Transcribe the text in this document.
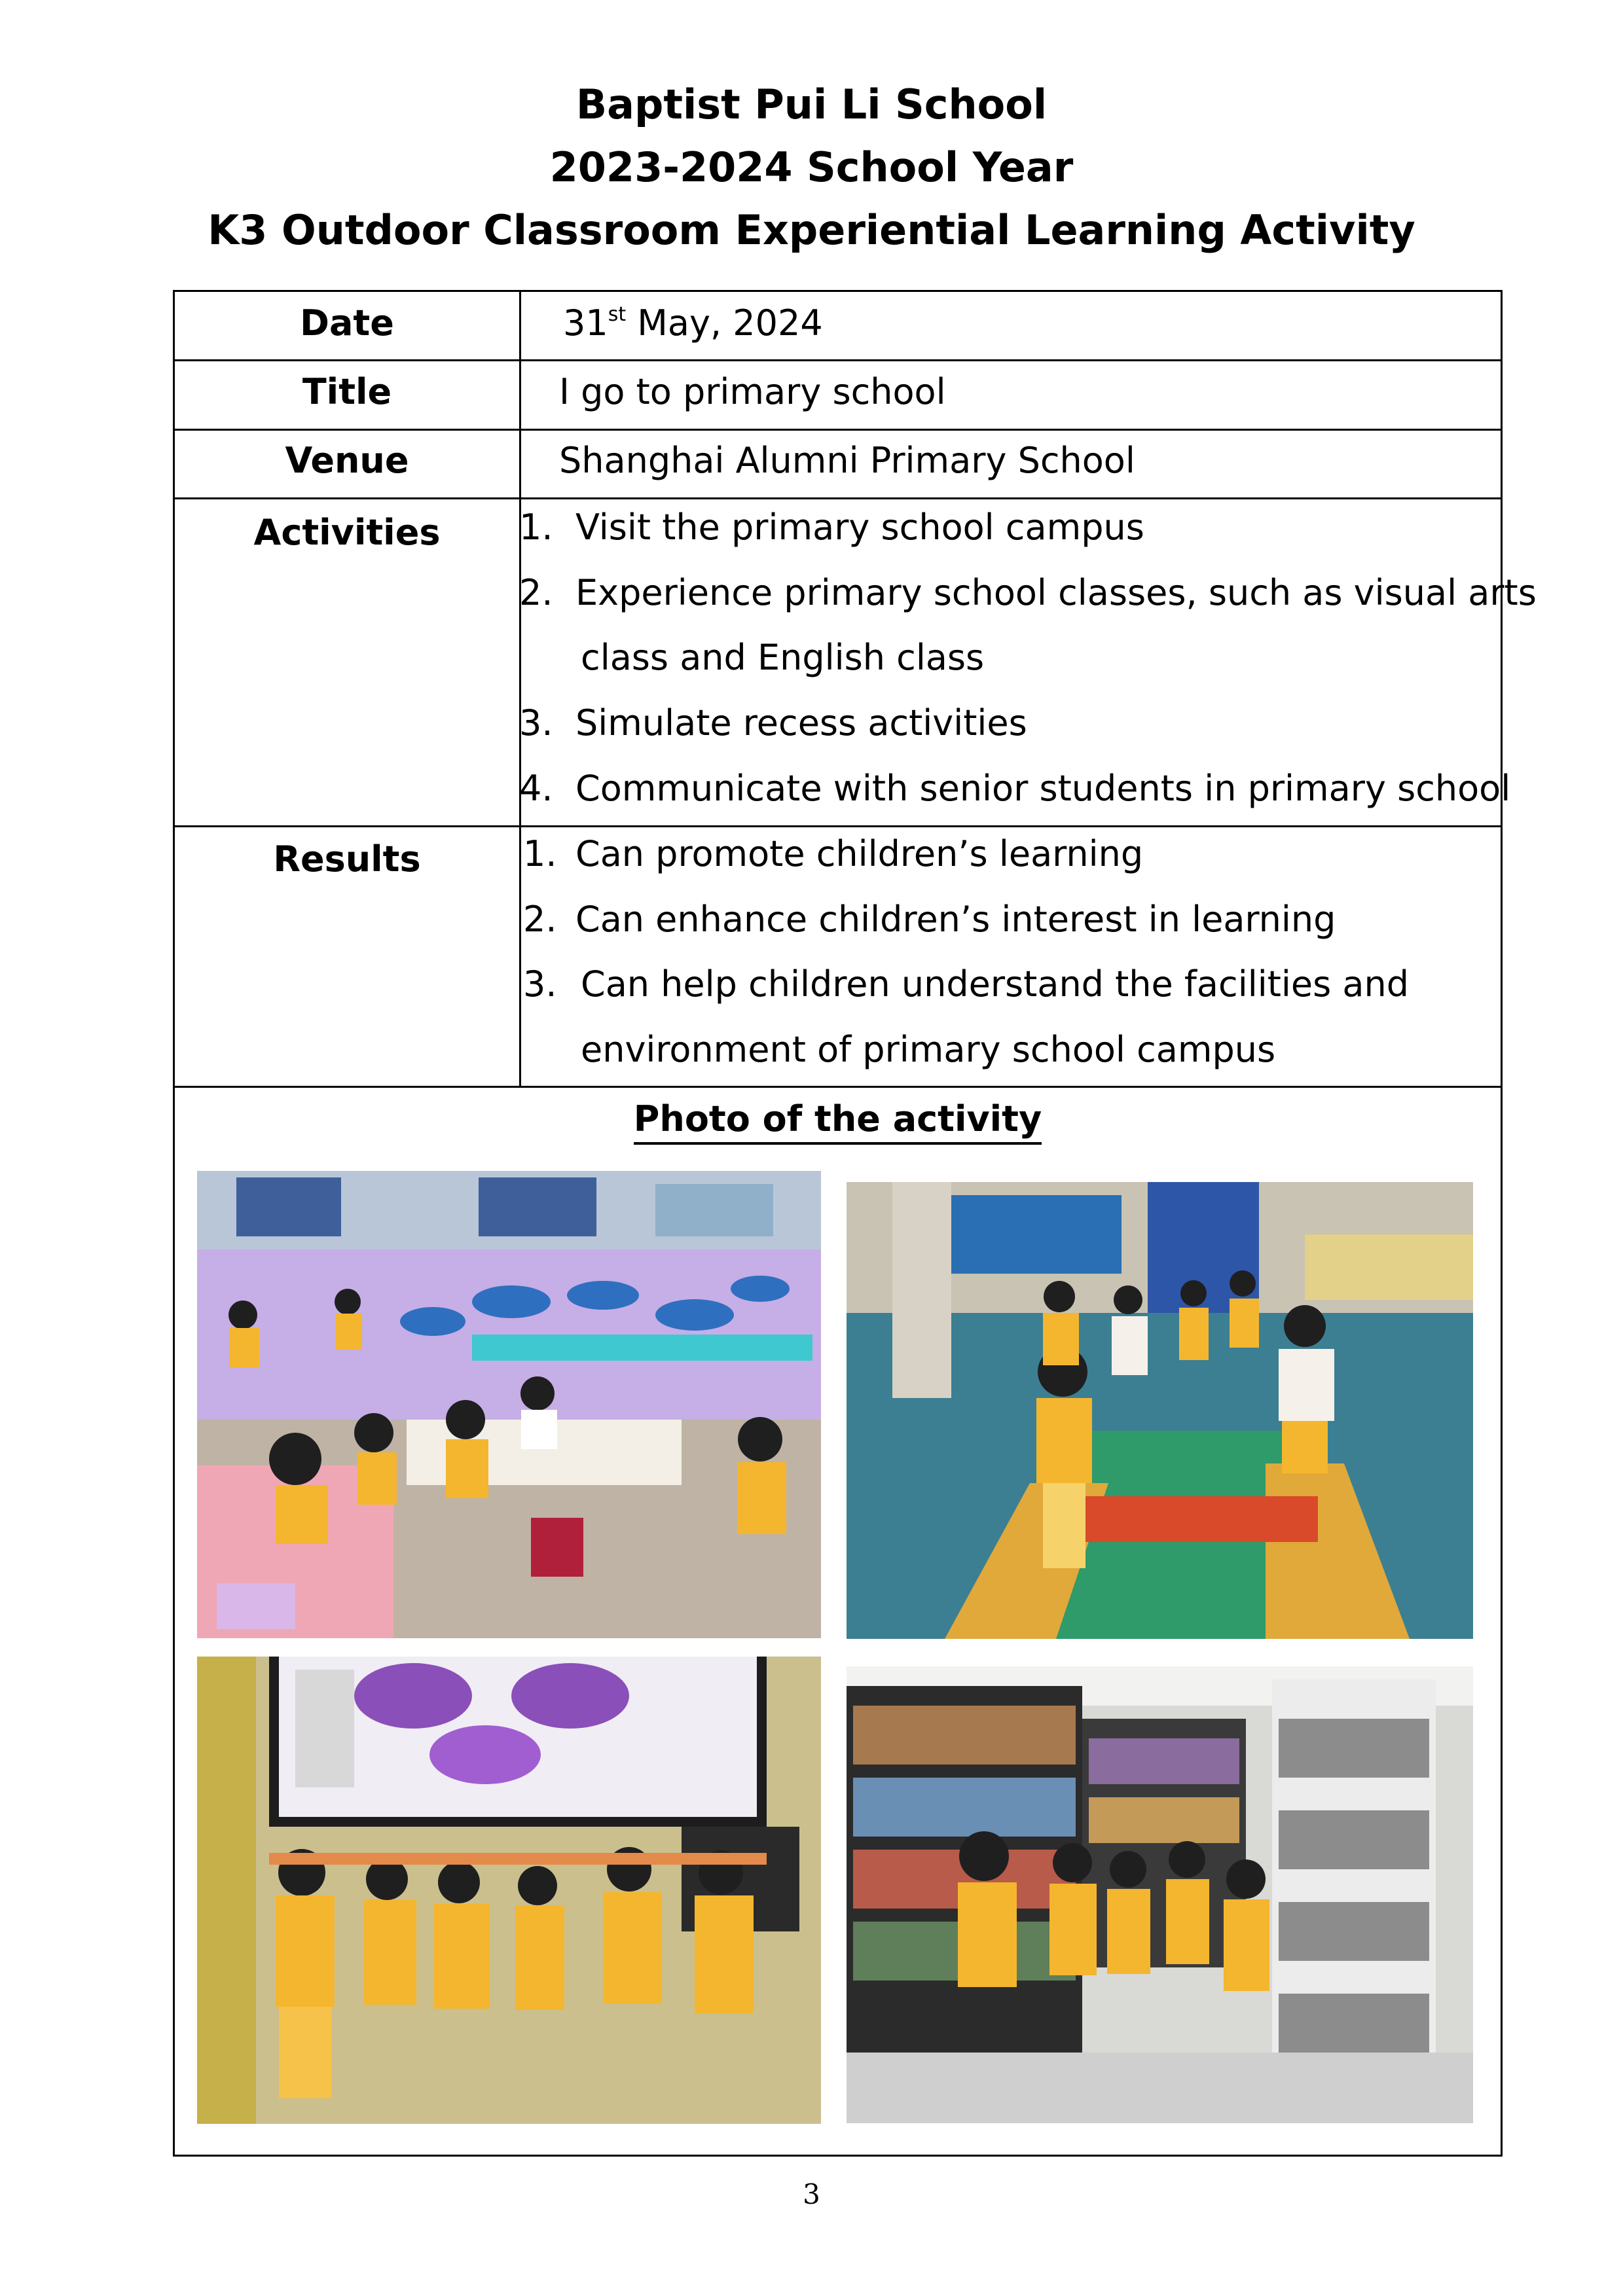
Baptist Pui Li School
2023-2024 School Year
K3 Outdoor Classroom Experiential Learning Activity
Date	31st May, 2024
Title	I go to primary school
Venue	Shanghai Alumni Primary School
Activities	1. Visit the primary school campus
2. Experience primary school classes, such as visual arts
class and English class
3. Simulate recess activities
4. Communicate with senior students in primary school
Results	1. Can promote children’s learning
2. Can enhance children’s interest in learning
3. Can help children understand the facilities and
environment of primary school campus
Photo of the activity
3
